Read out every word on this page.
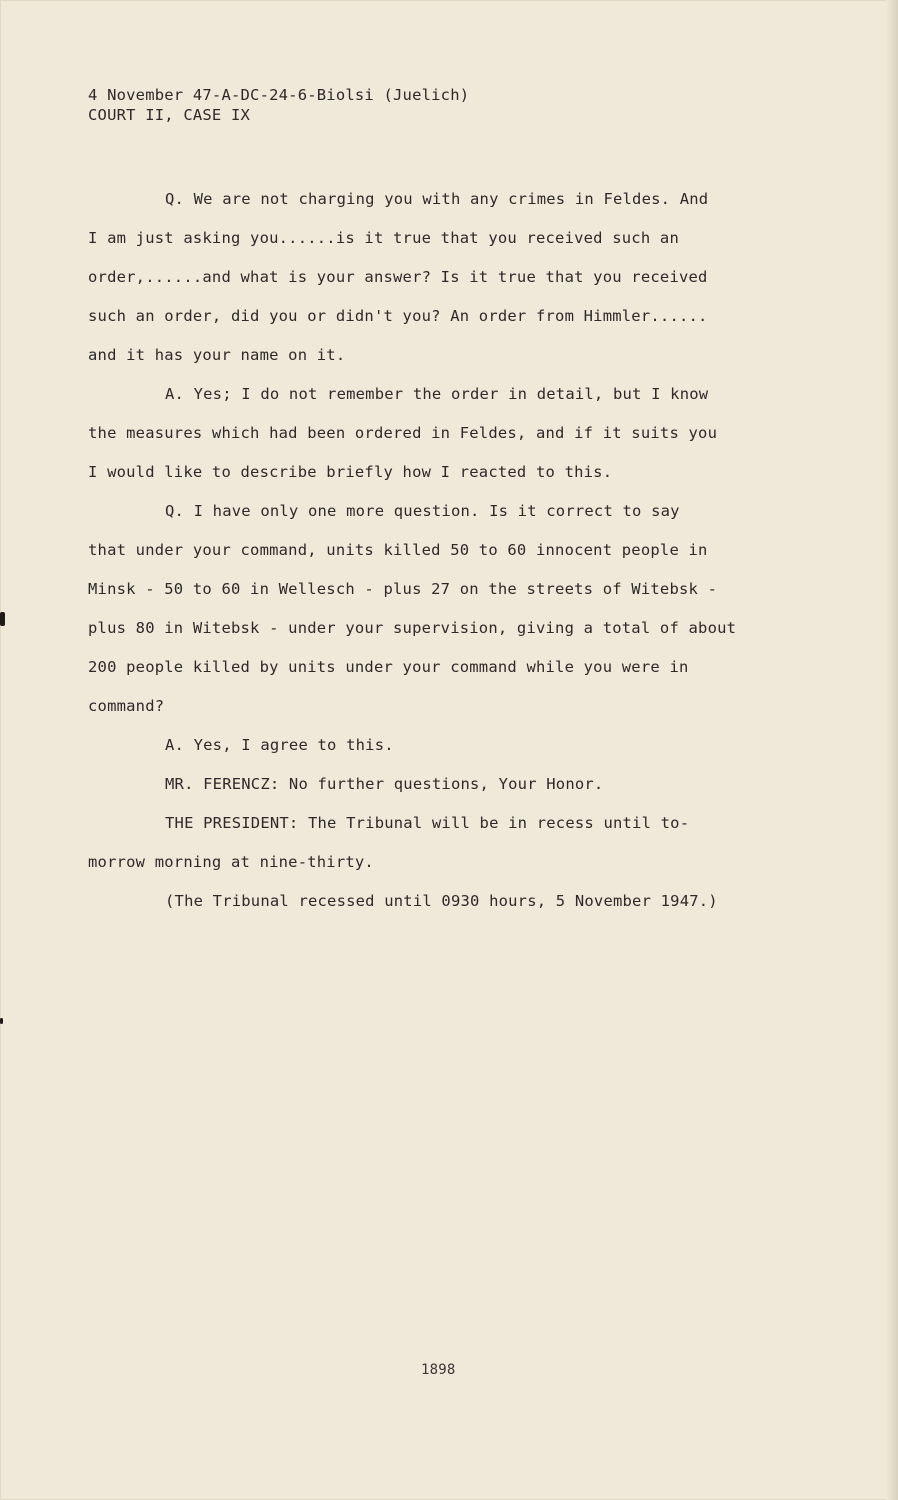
4 November 47-A-DC-24-6-Biolsi (Juelich)
COURT II, CASE IX
Q. We are not charging you with any crimes in Feldes. And
I am just asking you......is it true that you received such an
order,......and what is your answer? Is it true that you received
such an order, did you or didn't you? An order from Himmler......
and it has your name on it.
A. Yes; I do not remember the order in detail, but I know
the measures which had been ordered in Feldes, and if it suits you
I would like to describe briefly how I reacted to this.
Q. I have only one more question. Is it correct to say
that under your command, units killed 50 to 60 innocent people in
Minsk - 50 to 60 in Wellesch - plus 27 on the streets of Witebsk -
plus 80 in Witebsk - under your supervision, giving a total of about
200 people killed by units under your command while you were in
command?
A. Yes, I agree to this.
MR. FERENCZ: No further questions, Your Honor.
THE PRESIDENT: The Tribunal will be in recess until to-
morrow morning at nine-thirty.
(The Tribunal recessed until 0930 hours, 5 November 1947.)
1898
